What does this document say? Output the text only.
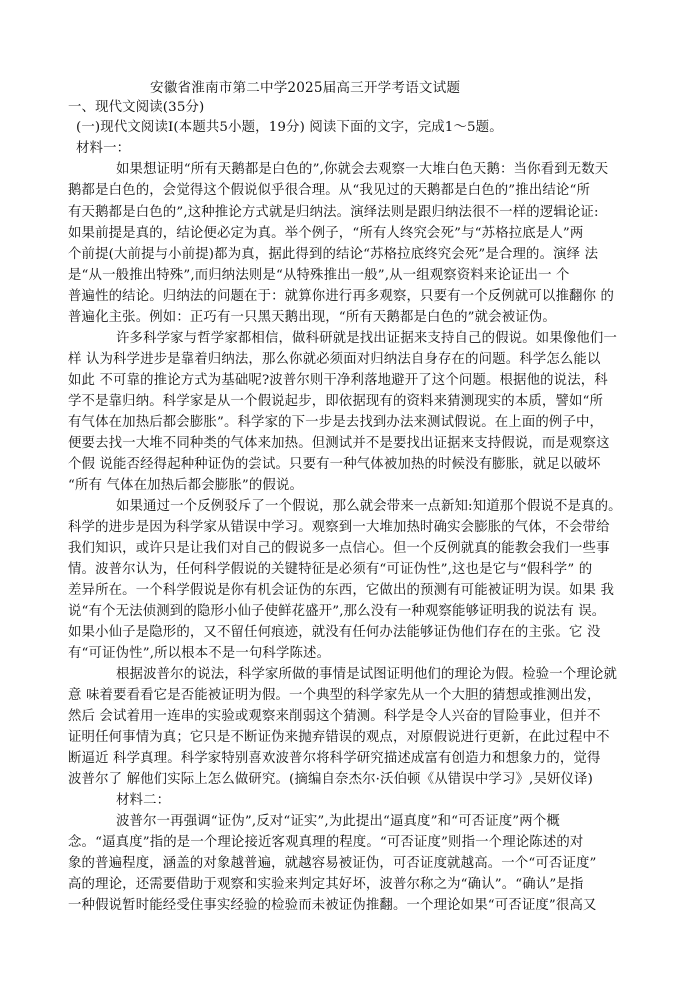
安徽省淮南市第二中学2025届高三开学考语文试题
一、现代文阅读(35分)
(一)现代文阅读Ⅰ(本题共5小题，19分) 阅读下面的文字，完成1～5题。
材料一：
如果想证明“所有天鹅都是白色的”,你就会去观察一大堆白色天鹅：当你看到无数天
鹅都是白色的，会觉得这个假说似乎很合理。从“我见过的天鹅都是白色的”推出结论“所
有天鹅都是白色的”,这种推论方式就是归纳法。演绎法则是跟归纳法很不一样的逻辑论证:
如果前提是真的，结论便必定为真。举个例子，“所有人终究会死”与“苏格拉底是人”两
个前提(大前提与小前提)都为真，据此得到的结论“苏格拉底终究会死”是合理的。演绎 法
是“从一般推出特殊”,而归纳法则是“从特殊推出一般”,从一组观察资料来论证出一 个
普遍性的结论。归纳法的问题在于：就算你进行再多观察，只要有一个反例就可以推翻你 的
普遍化主张。例如：正巧有一只黑天鹅出现，“所有天鹅都是白色的”就会被证伪。
许多科学家与哲学家都相信，做科研就是找出证据来支持自己的假说。如果像他们一
样 认为科学进步是靠着归纳法，那么你就必须面对归纳法自身存在的问题。科学怎么能以
如此 不可靠的推论方式为基础呢?波普尔则干净利落地避开了这个问题。根据他的说法，科
学不是靠归纳。科学家是从一个假说起步，即依据现有的资料来猜测现实的本质，譬如“所
有气体在加热后都会膨胀”。科学家的下一步是去找到办法来测试假说。在上面的例子中，
便要去找一大堆不同种类的气体来加热。但测试并不是要找出证据来支持假说，而是观察这
个假 说能否经得起种种证伪的尝试。只要有一种气体被加热的时候没有膨胀，就足以破坏
“所有 气体在加热后都会膨胀”的假说。
如果通过一个反例驳斥了一个假说，那么就会带来一点新知:知道那个假说不是真的。
科学的进步是因为科学家从错误中学习。观察到一大堆加热时确实会膨胀的气体，不会带给
我们知识，或许只是让我们对自己的假说多一点信心。但一个反例就真的能教会我们一些事
情。波普尔认为，任何科学假说的关键特征是必须有“可证伪性”,这也是它与“假科学” 的
差异所在。一个科学假说是你有机会证伪的东西，它做出的预测有可能被证明为误。如果 我
说“有个无法侦测到的隐形小仙子使鲜花盛开”,那么没有一种观察能够证明我的说法有 误。
如果小仙子是隐形的，又不留任何痕迹，就没有任何办法能够证伪他们存在的主张。它 没
有“可证伪性”,所以根本不是一句科学陈述。
根据波普尔的说法，科学家所做的事情是试图证明他们的理论为假。检验一个理论就
意 味着要看看它是否能被证明为假。一个典型的科学家先从一个大胆的猜想或推测出发，
然后 会试着用一连串的实验或观察来削弱这个猜测。科学是令人兴奋的冒险事业，但并不
证明任何事情为真；它只是不断证伪来抛弃错误的观点，对原假说进行更新，在此过程中不
断逼近 科学真理。科学家特别喜欢波普尔将科学研究描述成富有创造力和想象力的，觉得
波普尔了 解他们实际上怎么做研究。(摘编自奈杰尔·沃伯顿《从错误中学习》,吴妍仪译)
材料二：
波普尔一再强调“证伪”,反对“证实”,为此提出“逼真度”和“可否证度”两个概
念。“逼真度”指的是一个理论接近客观真理的程度。“可否证度”则指一个理论陈述的对
象的普遍程度，涵盖的对象越普遍，就越容易被证伪，可否证度就越高。一个“可否证度”
高的理论，还需要借助于观察和实验来判定其好坏，波普尔称之为“确认”。“确认”是指
一种假说暂时能经受住事实经验的检验而未被证伪推翻。一个理论如果“可否证度”很高又
